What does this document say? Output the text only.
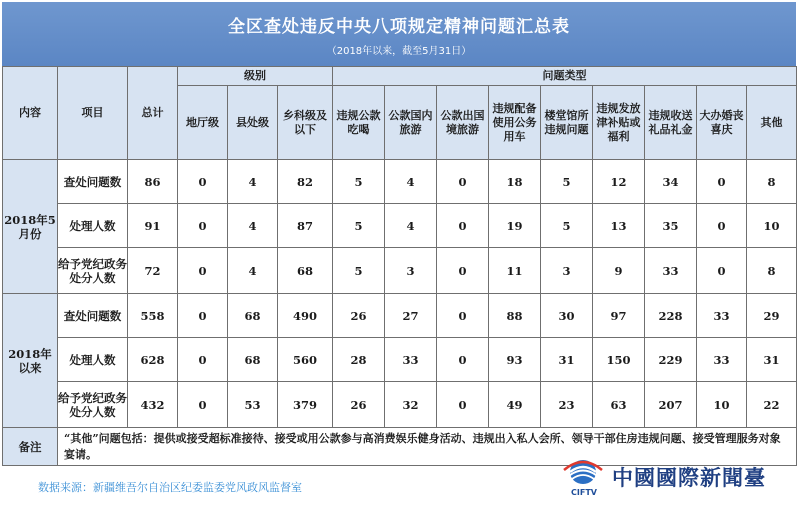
全区查处违反中央八项规定精神问题汇总表
（2018年以来，截至5月31日）
内容	项目	总计	级别			问题类型								
			地厅级	县处级	乡科级及以下	违规公款吃喝	公款国内旅游	公款出国境旅游	违规配备使用公务用车	楼堂馆所违规问题	违规发放津补贴或福利	违规收送礼品礼金	大办婚丧喜庆	其他
2018年5月份	查处问题数	86	0	4	82	5	4	0	18	5	12	34	0	8
	处理人数	91	0	4	87	5	4	0	19	5	13	35	0	10
	给予党纪政务处分人数	72	0	4	68	5	3	0	11	3	9	33	0	8
2018年以来	查处问题数	558	0	68	490	26	27	0	88	30	97	228	33	29
	处理人数	628	0	68	560	28	33	0	93	31	150	229	33	31
	给予党纪政务处分人数	432	0	53	379	26	32	0	49	23	63	207	10	22
备注	“其他”问题包括：提供或接受超标准接待、接受或用公款参与高消费娱乐健身活动、违规出入私人会所、领导干部住房违规问题、接受管理服务对象宴请。													
数据来源：新疆维吾尔自治区纪委监委党风政风监督室	CIFTV
中國國際新聞臺
